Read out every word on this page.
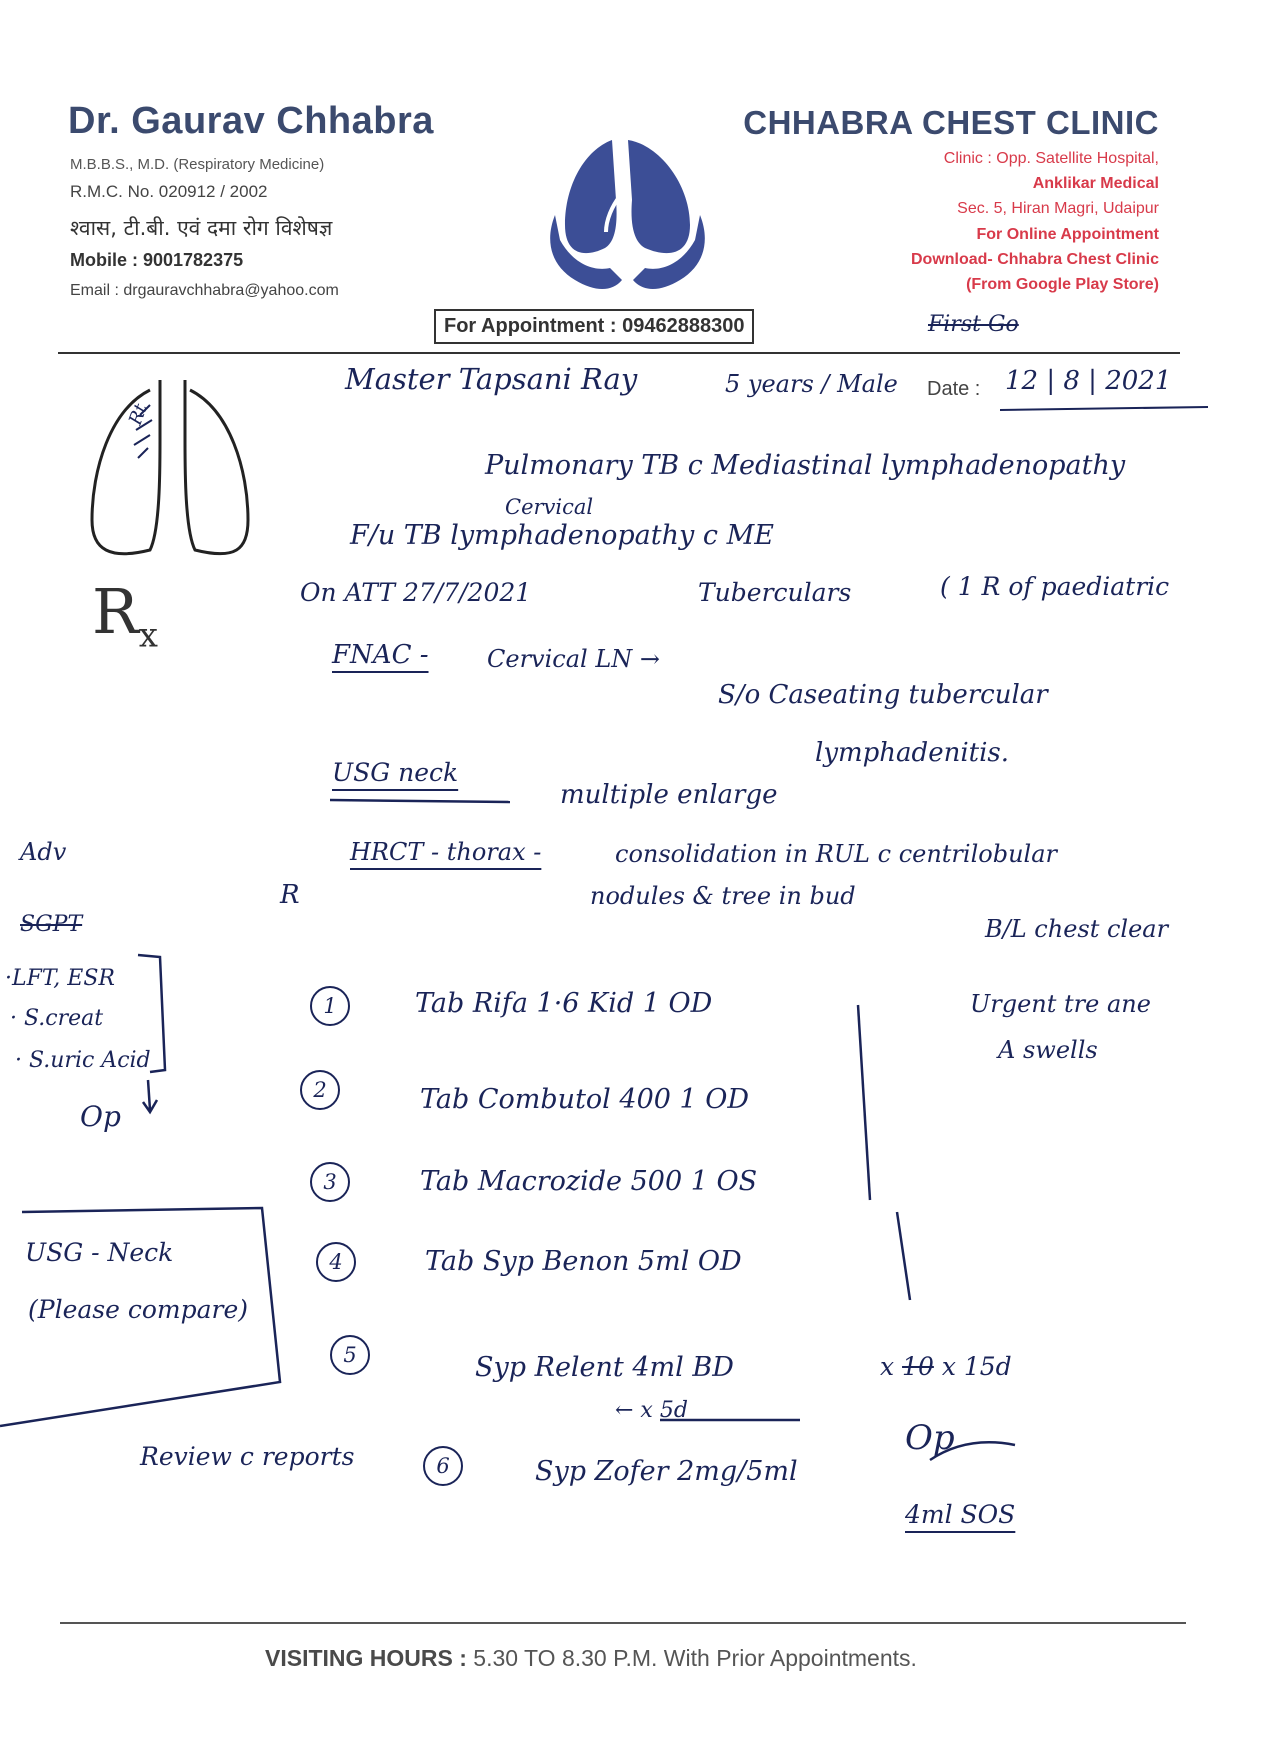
Dr. Gaurav Chhabra
M.B.B.S., M.D. (Respiratory Medicine)
R.M.C. No. 020912 / 2002
श्वास, टी.बी. एवं दमा रोग विशेषज्ञ
Mobile : 9001782375
Email : drgauravchhabra@yahoo.com
CHHABRA CHEST CLINIC
Clinic : Opp. Satellite Hospital,
Anklikar Medical
Sec. 5, Hiran Magri, Udaipur
For Online Appointment
Download- Chhabra Chest Clinic
(From Google Play Store)
For Appointment : 09462888300
Rt
$R_x$
VISITING HOURS : 5.30 TO 8.30 P.M. With Prior Appointments.
First Go
Master Tapsani Ray	5 years / Male Date : 12 | 8 | 2021
Pulmonary TB c Mediastinal lymphadenopathy
Cervical
F/u TB lymphadenopathy c ME
On ATT 27/7/2021	Tuberculars	( 1 R of paediatric
FNAC - Cervical LN →
S/o Caseating tubercular
lymphadenitis.
USG neck
multiple enlarge
HRCT - thorax -	consolidation in RUL c centrilobular
nodules & tree in bud
B/L chest clear
R
Adv
SGPT
·LFT, ESR
· S.creat
· S.uric Acid
Op
USG - Neck
(Please compare)
Review c reports
Urgent tre ane
A swells
1	Tab Rifa 1·6 Kid 1 OD
2	Tab Combutol 400 1 OD
3	Tab Macrozide 500 1 OS
4	Tab Syp Benon 5ml OD
5	Syp Relent 4ml BD	x 10 x 15d
← x 5d
6	Syp Zofer 2mg/5ml
4ml SOS
Op
